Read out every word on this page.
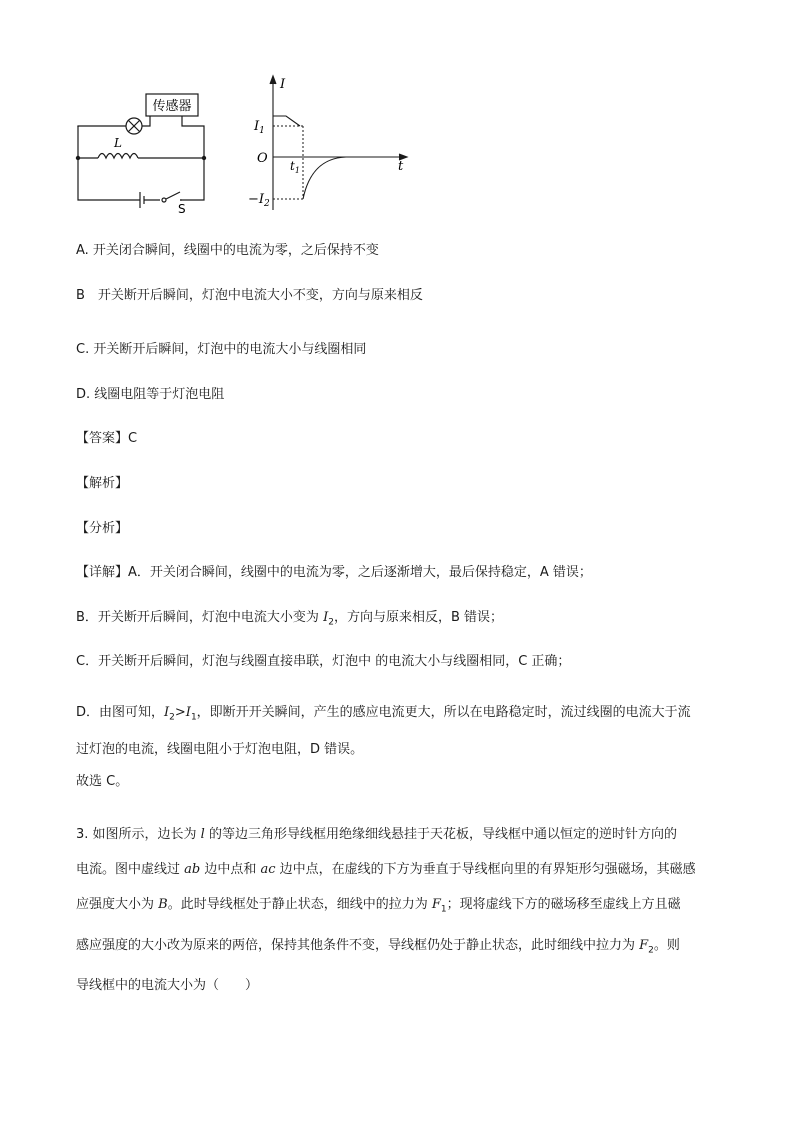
传感器
L
S
I
t
O
$I_1$
$-I_2$
$t_1$
A. 开关闭合瞬间，线圈中的电流为零，之后保持不变
B　开关断开后瞬间，灯泡中电流大小不变，方向与原来相反
C. 开关断开后瞬间，灯泡中的电流大小与线圈相同
D. 线圈电阻等于灯泡电阻
【答案】C
【解析】
【分析】
【详解】A．开关闭合瞬间，线圈中的电流为零，之后逐渐增大，最后保持稳定，A 错误；
B．开关断开后瞬间，灯泡中电流大小变为 $I_2$，方向与原来相反，B 错误；
C．开关断开后瞬间，灯泡与线圈直接串联，灯泡中 的电流大小与线圈相同，C 正确；

D．由图可知，$I_2>I_1$，即断开开关瞬间，产生的感应电流更大，所以在电路稳定时，流过线圈的电流大于流

过灯泡的电流，线圈电阻小于灯泡电阻，D 错误。

故选 C。

3. 如图所示，边长为 l 的等边三角形导线框用绝缘细线悬挂于天花板，导线框中通以恒定的逆时针方向的

电流。图中虚线过 ab 边中点和 ac 边中点，在虚线的下方为垂直于导线框向里的有界矩形匀强磁场，其磁感

应强度大小为 B。此时导线框处于静止状态，细线中的拉力为 $F_1$；现将虚线下方的磁场移至虚线上方且磁

感应强度的大小改为原来的两倍，保持其他条件不变，导线框仍处于静止状态，此时细线中拉力为 $F_2$。则

导线框中的电流大小为（　　）
